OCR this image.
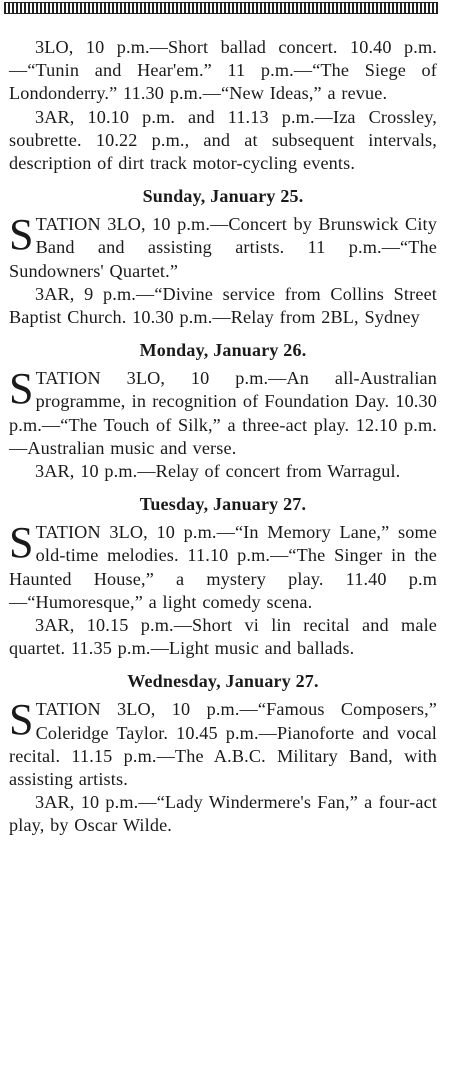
3LO, 10 p.m.—Short ballad concert. 10.40 p.m.—“Tunin and Hear'em.” 11 p.m.—“The Siege of Londonderry.” 11.30 p.m.—“New Ideas,” a revue.

3AR, 10.10 p.m. and 11.13 p.m.—Iza Crossley, soubrette. 10.22 p.m., and at subsequent intervals, description of dirt track motor-cycling events.

Sunday, January 25.

STATION 3LO, 10 p.m.—Concert by Brunswick City Band and assisting artists. 11 p.m.—“The Sundowners' Quartet.”

3AR, 9 p.m.—“Divine service from Collins Street Baptist Church. 10.30 p.m.—Relay from 2BL, Sydney

Monday, January 26.

STATION 3LO, 10 p.m.—An all-Australian programme, in recognition of Foundation Day. 10.30 p.m.—“The Touch of Silk,” a three-act play. 12.10 p.m.—Australian music and verse.

3AR, 10 p.m.—Relay of concert from Warragul.

Tuesday, January 27.

STATION 3LO, 10 p.m.—“In Memory Lane,” some old-time melodies. 11.10 p.m.—“The Singer in the Haunted House,” a mystery play. 11.40 p.m—“Humoresque,” a light comedy scena.

3AR, 10.15 p.m.—Short vi lin recital and male quartet. 11.35 p.m.—Light music and ballads.

Wednesday, January 27.

STATION 3LO, 10 p.m.—“Famous Composers,” Coleridge Taylor. 10.45 p.m.—Pianoforte and vocal recital. 11.15 p.m.—The A.B.C. Military Band, with assisting artists.

3AR, 10 p.m.—“Lady Windermere's Fan,” a four-act play, by Oscar Wilde.
